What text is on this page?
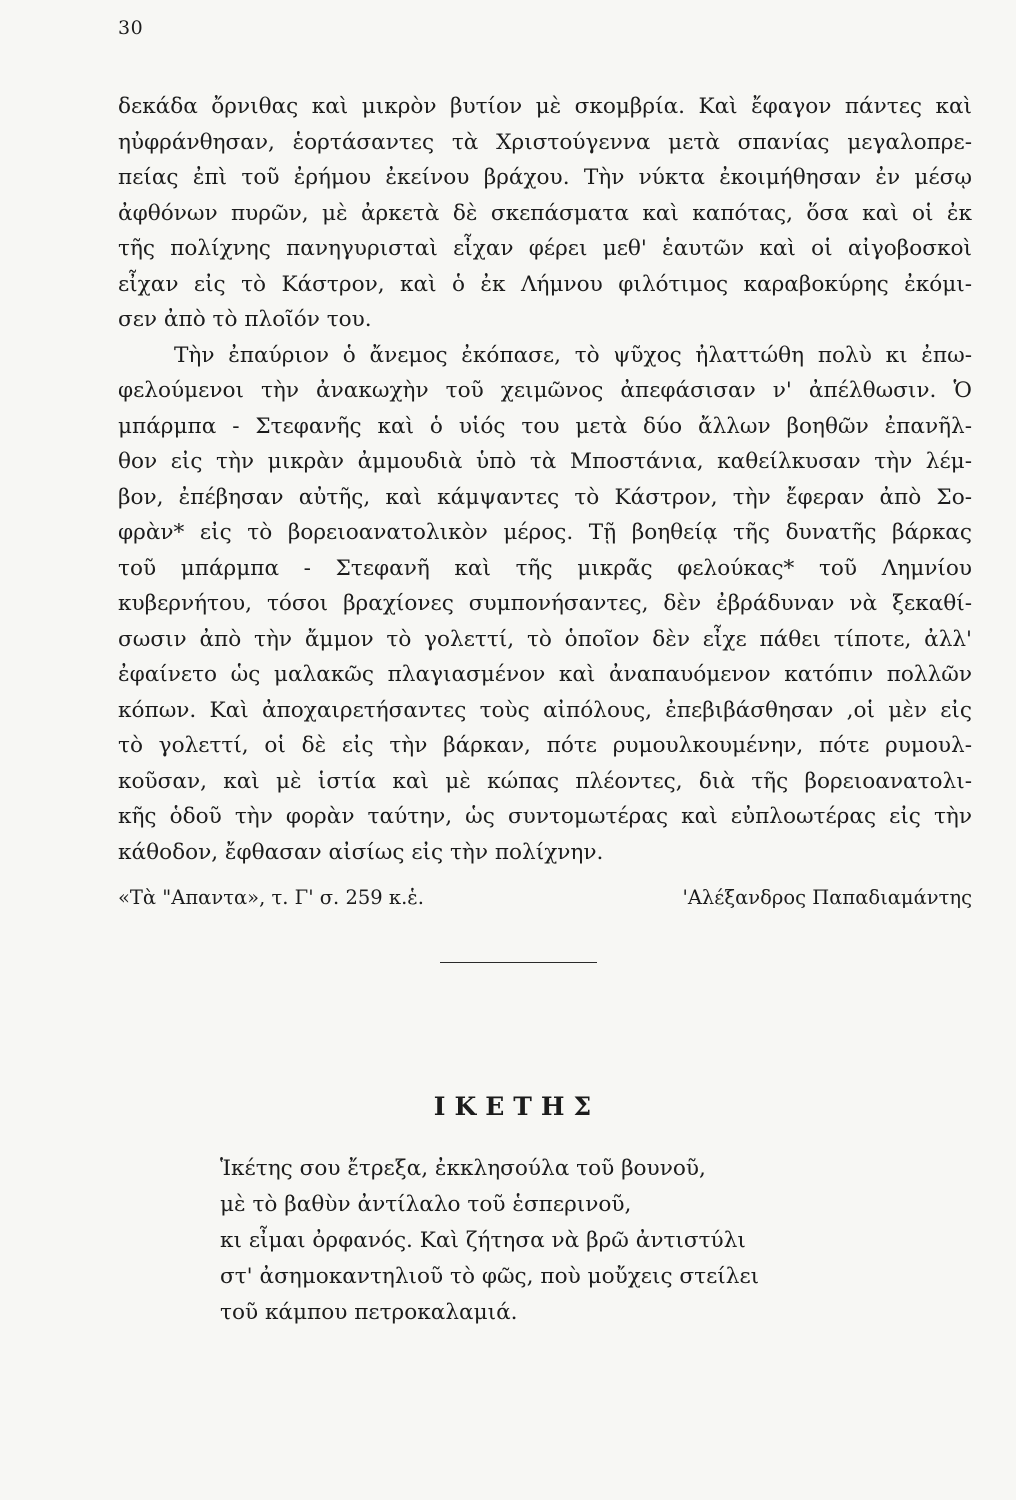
30
δεκάδα ὄρνιθας καὶ μικρὸν βυτίον μὲ σκομβρία. Καὶ ἔφαγον πάντες καὶ
ηὐφράνθησαν, ἑορτάσαντες τὰ Χριστούγεννα μετὰ σπανίας μεγαλοπρε-
πείας ἐπὶ τοῦ ἐρήμου ἐκείνου βράχου. Τὴν νύκτα ἐκοιμήθησαν ἐν μέσῳ
ἀφθόνων πυρῶν, μὲ ἀρκετὰ δὲ σκεπάσματα καὶ καπότας, ὅσα καὶ οἱ ἐκ
τῆς πολίχνης πανηγυρισταὶ εἶχαν φέρει μεθ' ἑαυτῶν καὶ οἱ αἰγοβοσκοὶ
εἶχαν εἰς τὸ Κάστρον, καὶ ὁ ἐκ Λήμνου φιλότιμος καραβοκύρης ἐκόμι-
σεν ἀπὸ τὸ πλοῖόν του.
Τὴν ἐπαύριον ὁ ἄνεμος ἐκόπασε, τὸ ψῦχος ἠλαττώθη πολὺ κι ἐπω-
φελούμενοι τὴν ἀνακωχὴν τοῦ χειμῶνος ἀπεφάσισαν ν' ἀπέλθωσιν. Ὁ
μπάρμπα - Στεφανῆς καὶ ὁ υἱός του μετὰ δύο ἄλλων βοηθῶν ἐπανῆλ-
θον εἰς τὴν μικρὰν ἀμμουδιὰ ὑπὸ τὰ Μποστάνια, καθείλκυσαν τὴν λέμ-
βον, ἐπέβησαν αὐτῆς, καὶ κάμψαντες τὸ Κάστρον, τὴν ἔφεραν ἀπὸ Σο-
φρὰν* εἰς τὸ βορειοανατολικὸν μέρος. Τῇ βοηθείᾳ τῆς δυνατῆς βάρκας
τοῦ μπάρμπα - Στεφανῆ καὶ τῆς μικρᾶς φελούκας* τοῦ Λημνίου
κυβερνήτου, τόσοι βραχίονες συμπονήσαντες, δὲν ἐβράδυναν νὰ ξεκαθί-
σωσιν ἀπὸ τὴν ἄμμον τὸ γολεττί, τὸ ὁποῖον δὲν εἶχε πάθει τίποτε, ἀλλ'
ἐφαίνετο ὡς μαλακῶς πλαγιασμένον καὶ ἀναπαυόμενον κατόπιν πολλῶν
κόπων. Καὶ ἀποχαιρετήσαντες τοὺς αἰπόλους, ἐπεβιβάσθησαν ,οἱ μὲν εἰς
τὸ γολεττί, οἱ δὲ εἰς τὴν βάρκαν, πότε ρυμουλκουμένην, πότε ρυμουλ-
κοῦσαν, καὶ μὲ ἱστία καὶ μὲ κώπας πλέοντες, διὰ τῆς βορειοανατολι-
κῆς ὁδοῦ τὴν φορὰν ταύτην, ὡς συντομωτέρας καὶ εὐπλοωτέρας εἰς τὴν
κάθοδον, ἔφθασαν αἰσίως εἰς τὴν πολίχνην.
«Τὰ "Απαντα», τ. Γ' σ. 259 κ.ἑ.	'Αλέξανδρος Παπαδιαμάντης
ΙΚΕΤΗΣ
Ἱκέτης σου ἔτρεξα, ἐκκλησούλα τοῦ βουνοῦ,
μὲ τὸ βαθὺν ἀντίλαλο τοῦ ἑσπερινοῦ,
κι εἶμαι ὀρφανός. Καὶ ζήτησα νὰ βρῶ ἀντιστύλι
στ' ἀσημοκαντηλιοῦ τὸ φῶς, ποὺ μοὔχεις στείλει
τοῦ κάμπου πετροκαλαμιά.
